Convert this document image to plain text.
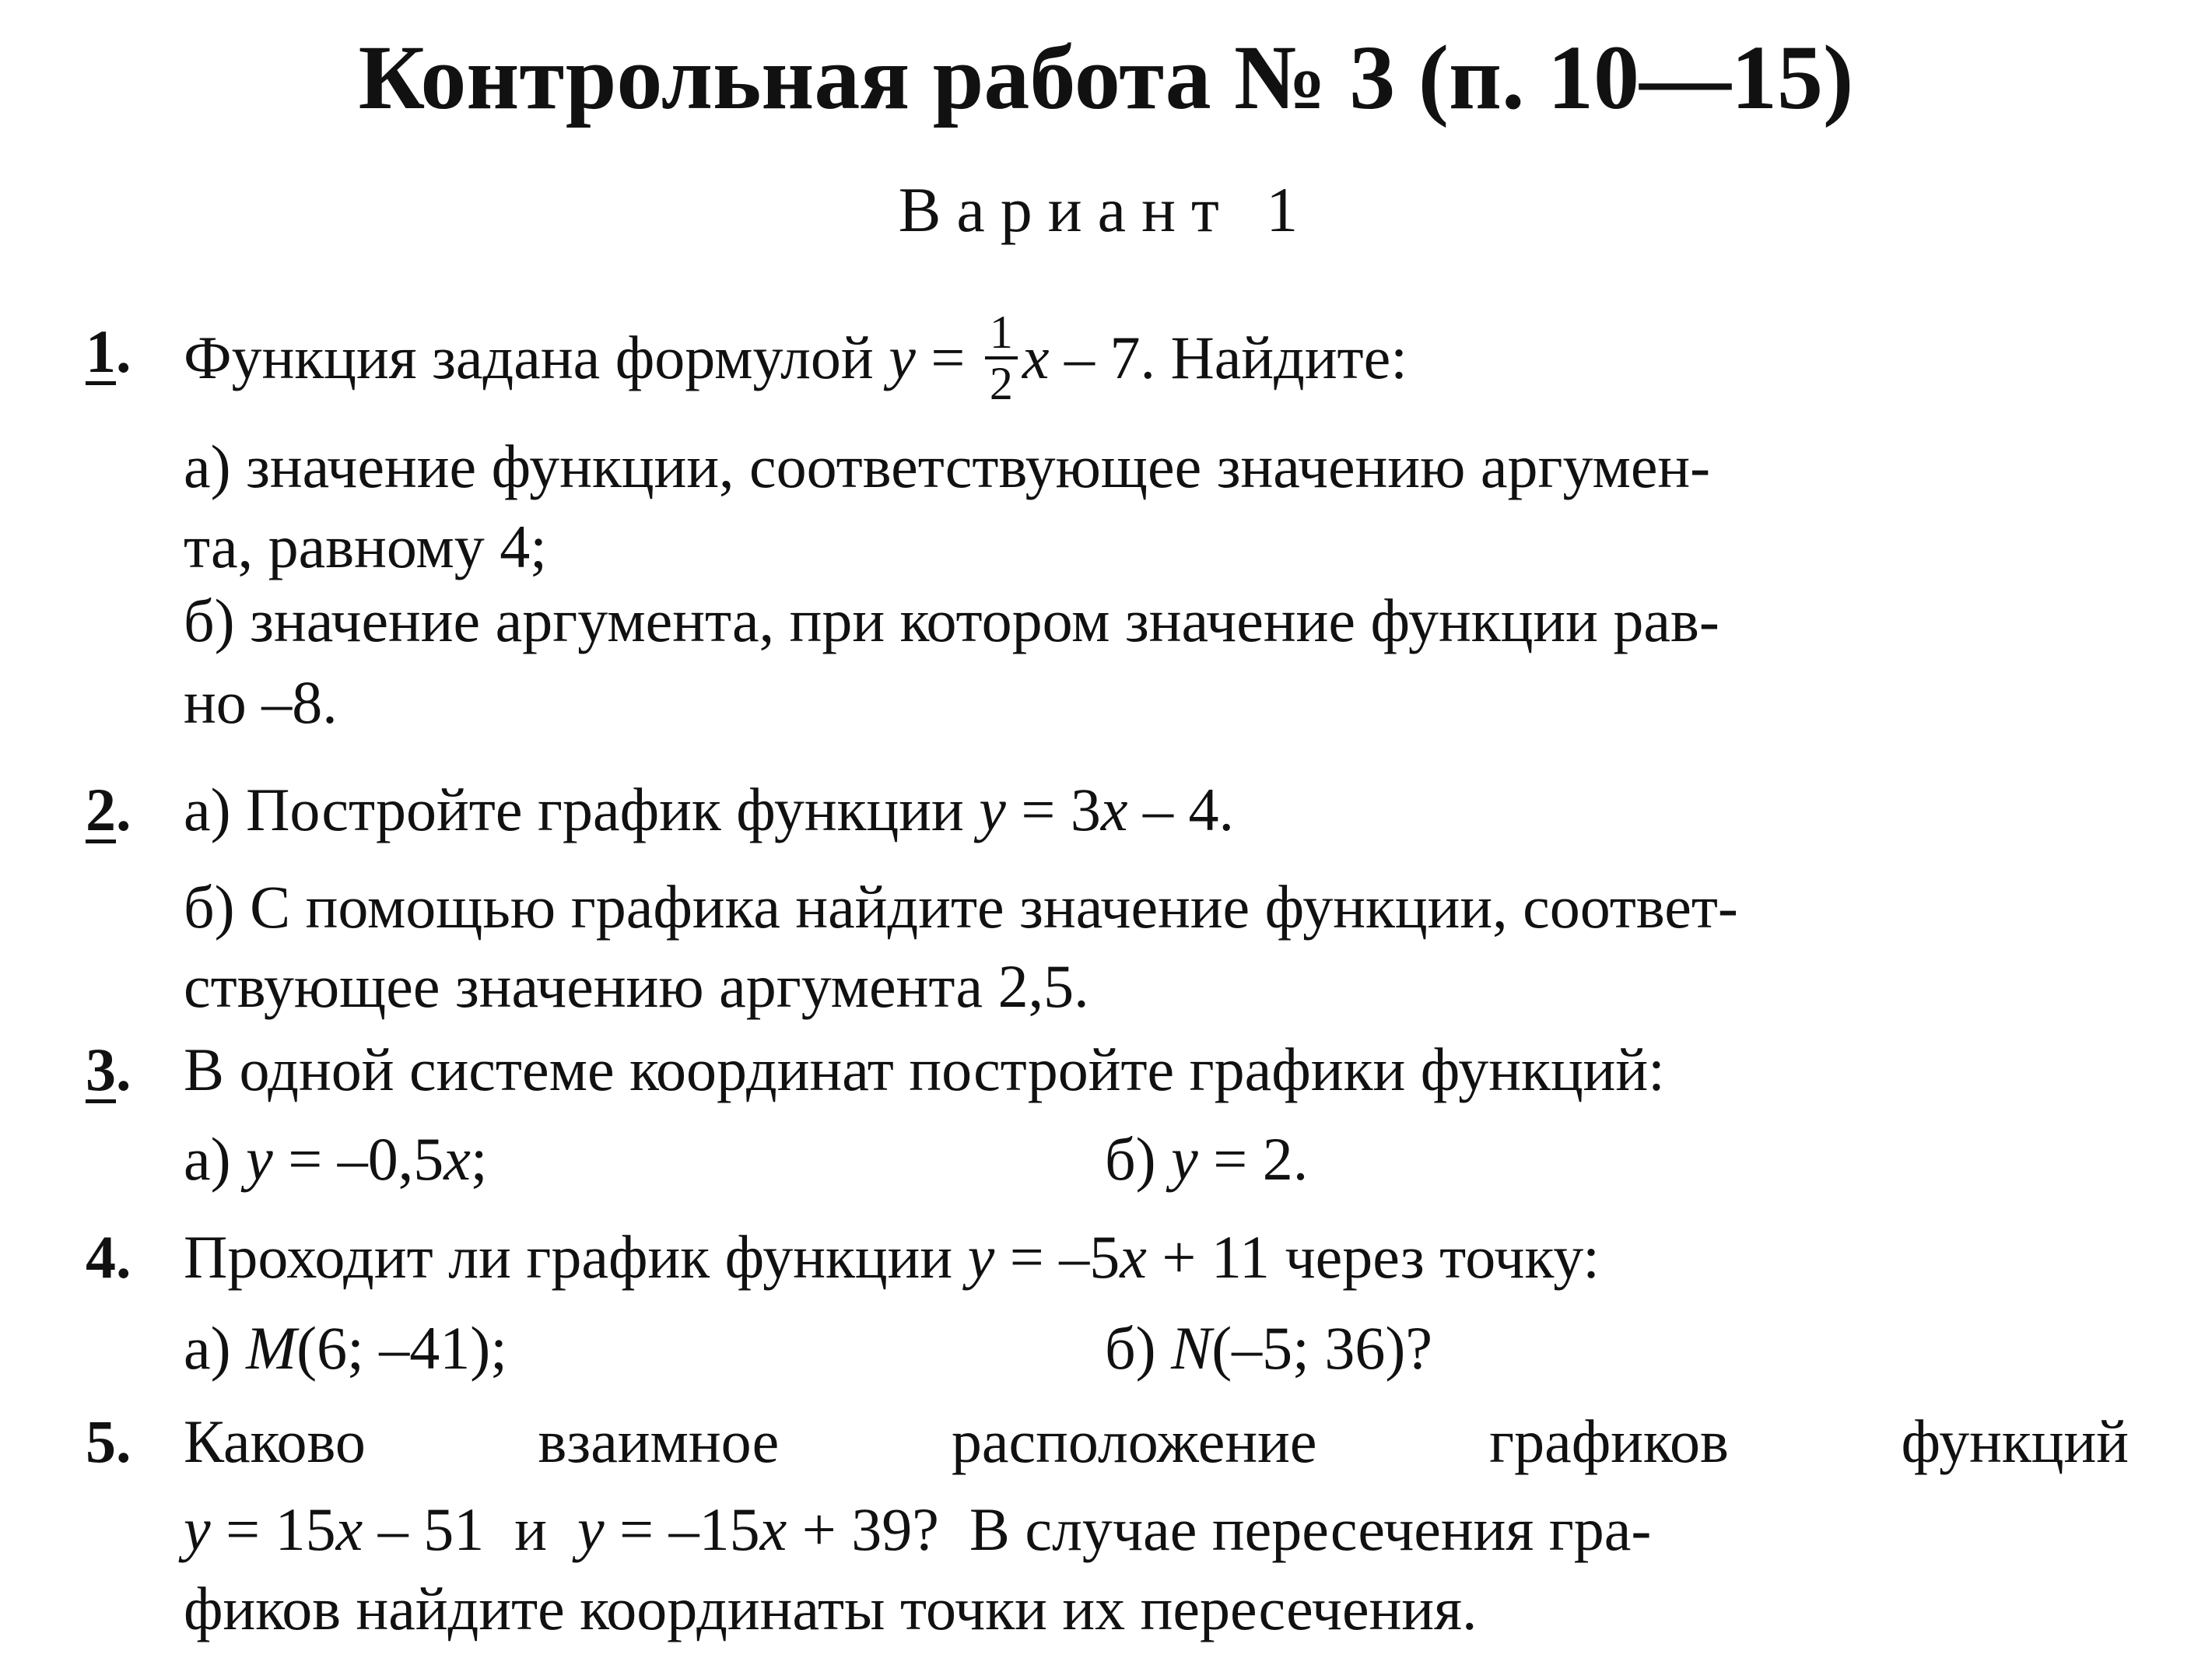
Контрольная работа № 3 (п. 10—15)
Вариант 1
1. Функция задана формулой $y = \frac{1}{2}$ x – 7. Найдите:
а) значение функции, соответствующее значению аргумен-
та, равному 4;
б) значение аргумента, при котором значение функции рав-
но –8.
2. а) Постройте график функции y = 3x – 4.
б) С помощью графика найдите значение функции, соответ-
ствующее значению аргумента 2,5.
3. В одной системе координат постройте графики функций:
а) y = –0,5x;	б) y = 2.
4. Проходит ли график функции y = –5x + 11 через точку:
а) M(6; –41);	б) N(–5; 36)?
5. Каково	взаимное	расположение	графиков	функций
y = 15x – 51  и  y = –15x + 39?  В случае пересечения гра-
фиков найдите координаты точки их пересечения.
